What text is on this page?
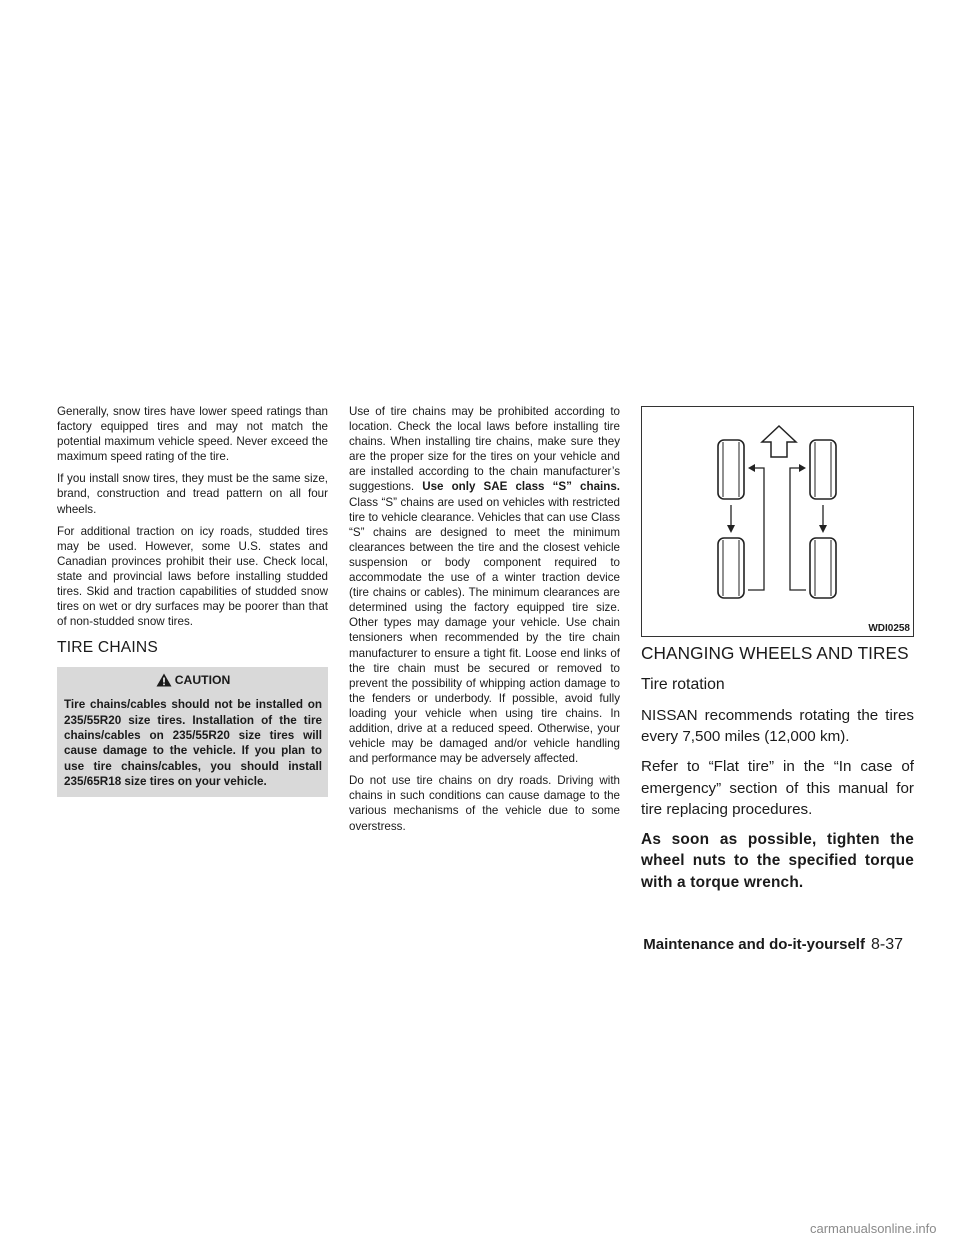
Generally, snow tires have lower speed ratings than factory equipped tires and may not match the potential maximum vehicle speed. Never exceed the maximum speed rating of the tire.

If you install snow tires, they must be the same size, brand, construction and tread pattern on all four wheels.

For additional traction on icy roads, studded tires may be used. However, some U.S. states and Canadian provinces prohibit their use. Check local, state and provincial laws before installing studded tires. Skid and traction capabilities of studded snow tires on wet or dry surfaces may be poorer than that of non-studded snow tires.

TIRE CHAINS
CAUTION

Tire chains/cables should not be installed on 235/55R20 size tires. Installation of the tire chains/cables on 235/55R20 size tires will cause damage to the vehicle. If you plan to use tire chains/cables, you should install 235/65R18 size tires on your vehicle.

Use of tire chains may be prohibited according to location. Check the local laws before installing tire chains. When installing tire chains, make sure they are the proper size for the tires on your vehicle and are installed according to the chain manufacturer’s suggestions. Use only SAE class “S” chains. Class “S” chains are used on vehicles with restricted tire to vehicle clearance. Vehicles that can use Class “S” chains are designed to meet the minimum clearances between the tire and the closest vehicle suspension or body component required to accommodate the use of a winter traction device (tire chains or cables). The minimum clearances are determined using the factory equipped tire size. Other types may damage your vehicle. Use chain tensioners when recommended by the tire chain manufacturer to ensure a tight fit. Loose end links of the tire chain must be secured or removed to prevent the possibility of whipping action damage to the fenders or underbody. If possible, avoid fully loading your vehicle when using tire chains. In addition, drive at a reduced speed. Otherwise, your vehicle may be damaged and/or vehicle handling and performance may be adversely affected.

Do not use tire chains on dry roads. Driving with chains in such conditions can cause damage to the various mechanisms of the vehicle due to some overstress.

WDI0258
CHANGING WHEELS AND TIRES
Tire rotation

NISSAN recommends rotating the tires every 7,500 miles (12,000 km).

Refer to “Flat tire” in the “In case of emergency” section of this manual for tire replacing procedures.

As soon as possible, tighten the wheel nuts to the specified torque with a torque wrench.

Maintenance and do-it-yourself 8-37
carmanualsonline.info
